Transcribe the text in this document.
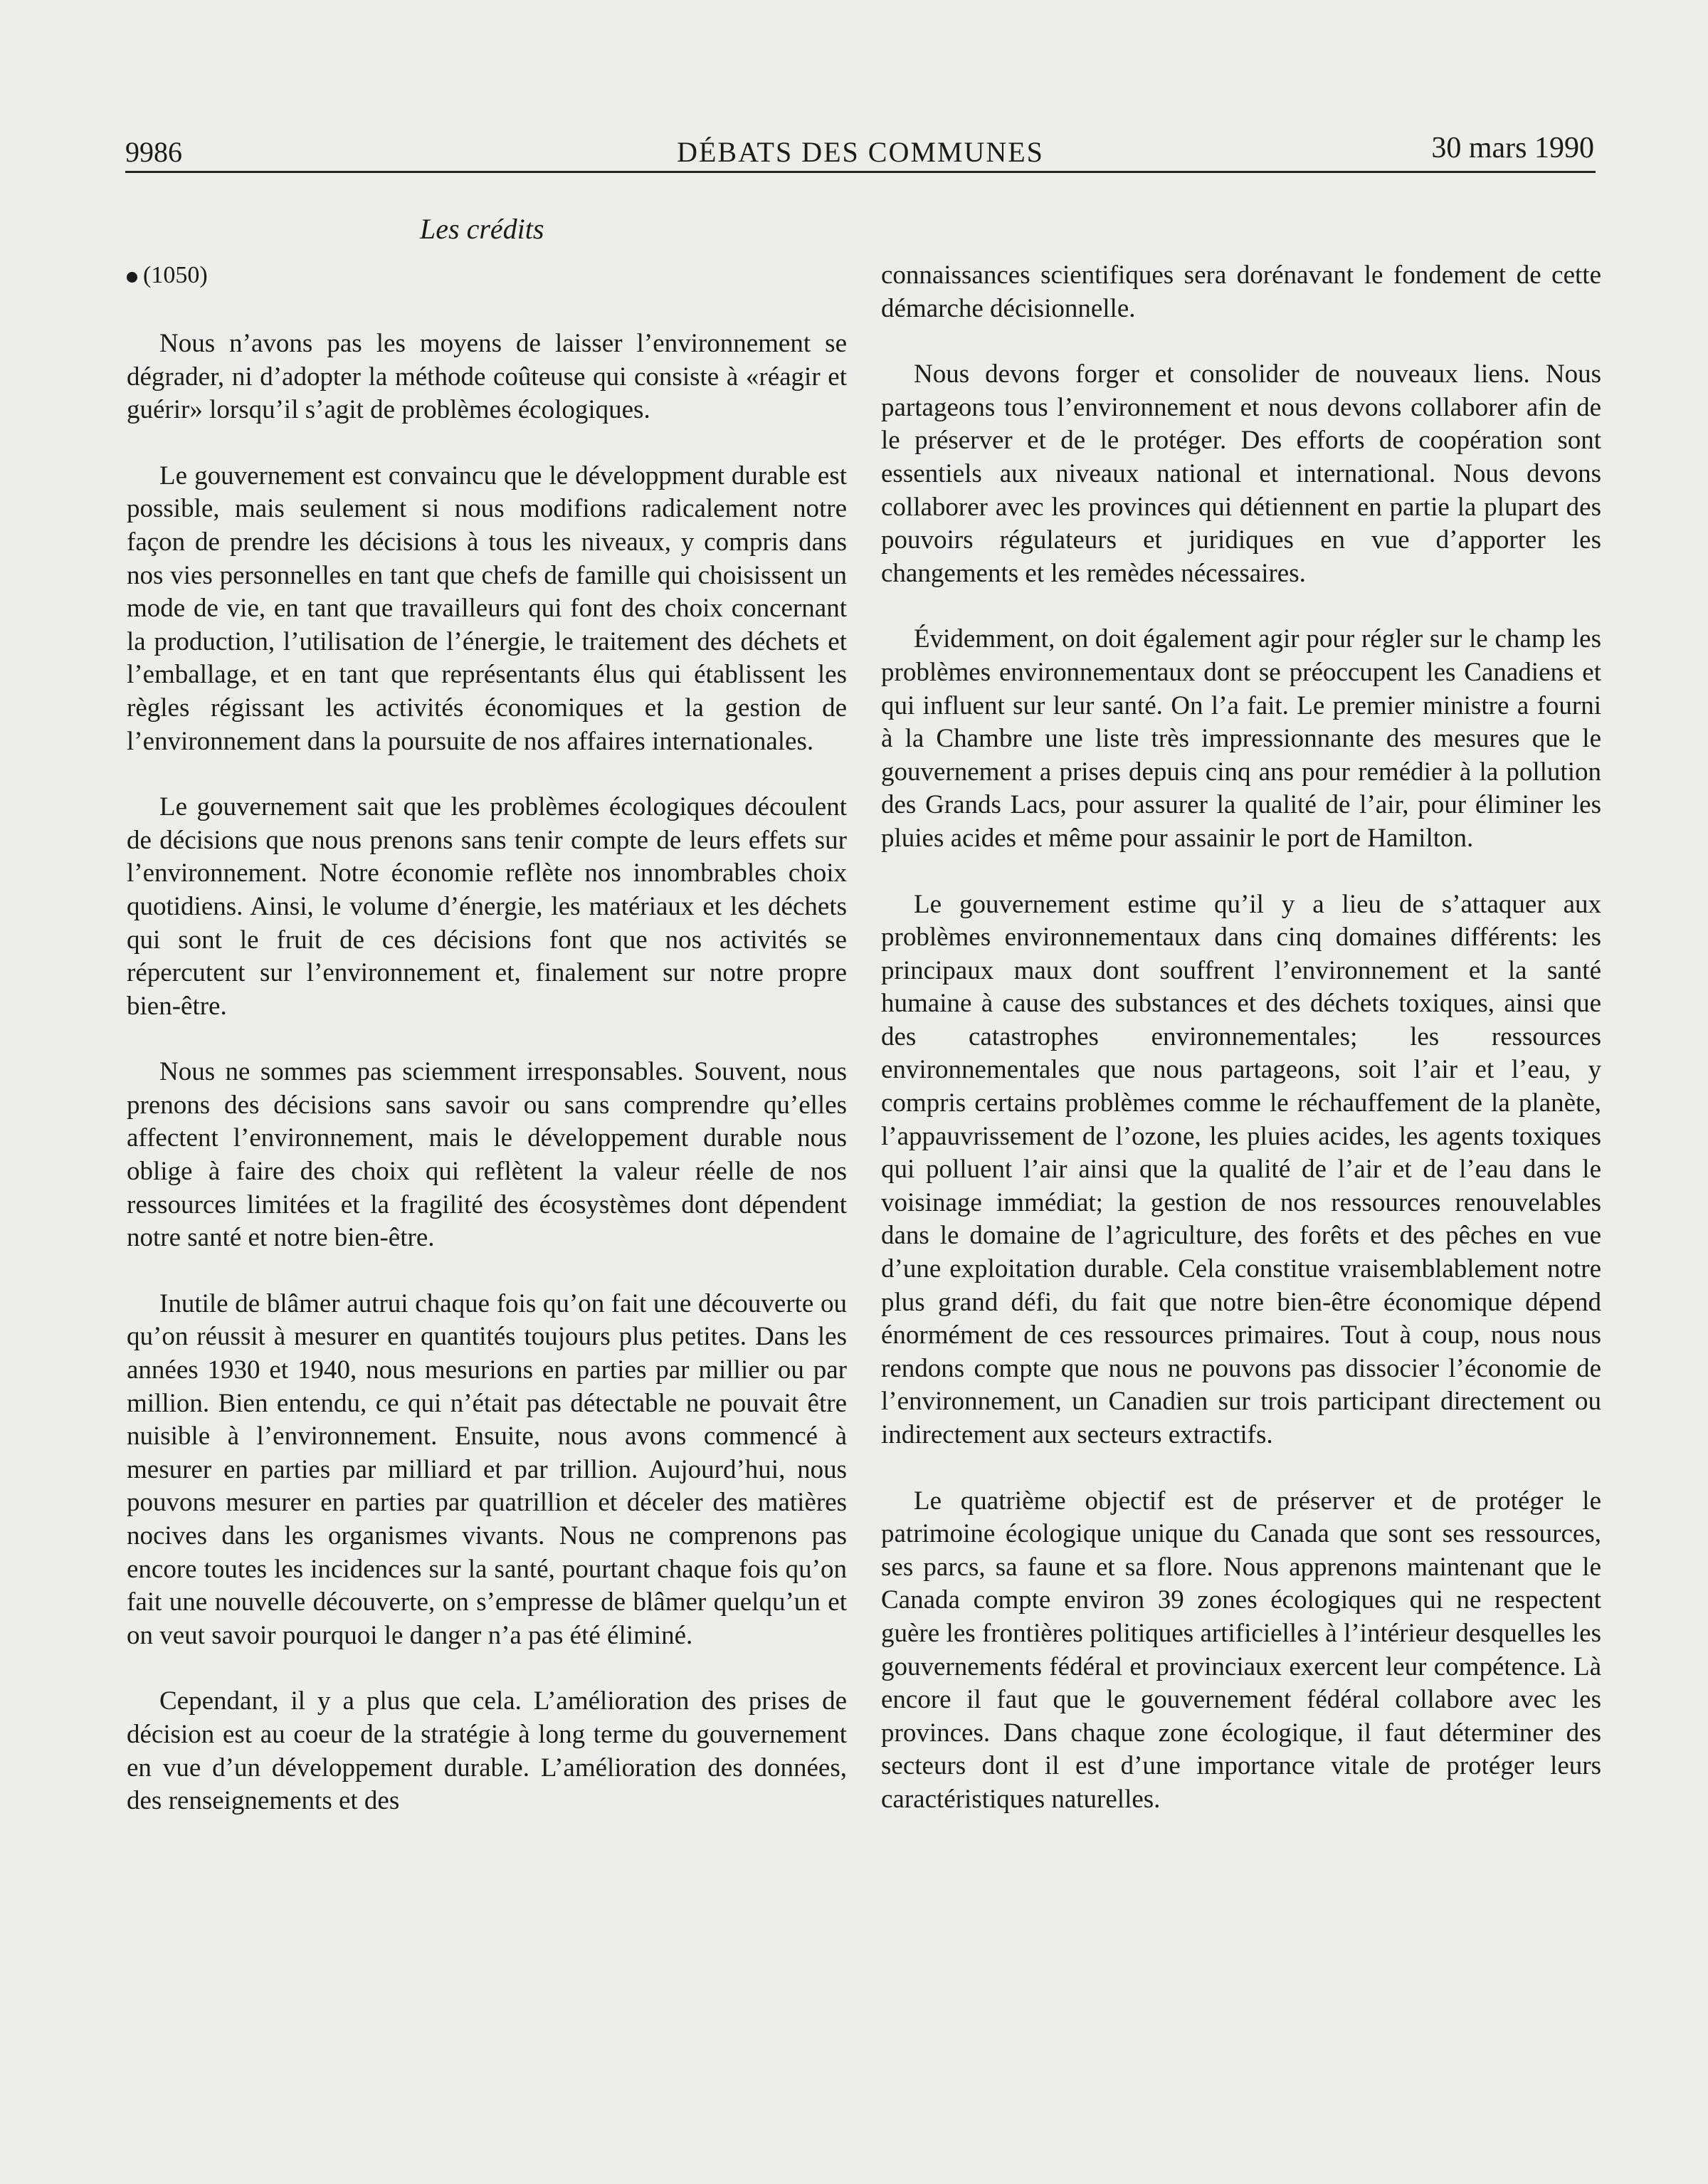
9986	DÉBATS DES COMMUNES	30 mars 1990
Les crédits
(1050)

Nous n’avons pas les moyens de laisser l’environnement se dégrader, ni d’adopter la méthode coûteuse qui consiste à «réagir et guérir» lorsqu’il s’agit de problèmes écologiques.

Le gouvernement est convaincu que le développment durable est possible, mais seulement si nous modifions radicalement notre façon de prendre les décisions à tous les niveaux, y compris dans nos vies personnelles en tant que chefs de famille qui choisissent un mode de vie, en tant que travailleurs qui font des choix concernant la production, l’utilisation de l’énergie, le traitement des déchets et l’emballage, et en tant que représentants élus qui établissent les règles régissant les activités économiques et la gestion de l’environnement dans la poursuite de nos affaires internationales.

Le gouvernement sait que les problèmes écologiques découlent de décisions que nous prenons sans tenir compte de leurs effets sur l’environnement. Notre économie reflète nos innombrables choix quotidiens. Ainsi, le volume d’énergie, les matériaux et les déchets qui sont le fruit de ces décisions font que nos activités se répercutent sur l’environnement et, finalement sur notre propre bien-être.

Nous ne sommes pas sciemment irresponsables. Souvent, nous prenons des décisions sans savoir ou sans comprendre qu’elles affectent l’environnement, mais le développement durable nous oblige à faire des choix qui reflètent la valeur réelle de nos ressources limitées et la fragilité des écosystèmes dont dépendent notre santé et notre bien-être.

Inutile de blâmer autrui chaque fois qu’on fait une découverte ou qu’on réussit à mesurer en quantités toujours plus petites. Dans les années 1930 et 1940, nous mesurions en parties par millier ou par million. Bien entendu, ce qui n’était pas détectable ne pouvait être nuisible à l’environnement. Ensuite, nous avons commencé à mesurer en parties par milliard et par trillion. Aujourd’hui, nous pouvons mesurer en parties par quatrillion et déceler des matières nocives dans les organismes vivants. Nous ne comprenons pas encore toutes les incidences sur la santé, pourtant chaque fois qu’on fait une nouvelle découverte, on s’empresse de blâmer quelqu’un et on veut savoir pourquoi le danger n’a pas été éliminé.

Cependant, il y a plus que cela. L’amélioration des prises de décision est au coeur de la stratégie à long terme du gouvernement en vue d’un développement durable. L’amélioration des données, des renseignements et des

connaissances scientifiques sera dorénavant le fondement de cette démarche décisionnelle.

Nous devons forger et consolider de nouveaux liens. Nous partageons tous l’environnement et nous devons collaborer afin de le préserver et de le protéger. Des efforts de coopération sont essentiels aux niveaux national et international. Nous devons collaborer avec les provinces qui détiennent en partie la plupart des pouvoirs régulateurs et juridiques en vue d’apporter les changements et les remèdes nécessaires.

Évidemment, on doit également agir pour régler sur le champ les problèmes environnementaux dont se préoccupent les Canadiens et qui influent sur leur santé. On l’a fait. Le premier ministre a fourni à la Chambre une liste très impressionnante des mesures que le gouvernement a prises depuis cinq ans pour remédier à la pollution des Grands Lacs, pour assurer la qualité de l’air, pour éliminer les pluies acides et même pour assainir le port de Hamilton.

Le gouvernement estime qu’il y a lieu de s’attaquer aux problèmes environnementaux dans cinq domaines différents: les principaux maux dont souffrent l’environnement et la santé humaine à cause des substances et des déchets toxiques, ainsi que des catastrophes environnementales; les ressources environnementales que nous partageons, soit l’air et l’eau, y compris certains problèmes comme le réchauffement de la planète, l’appauvrissement de l’ozone, les pluies acides, les agents toxiques qui polluent l’air ainsi que la qualité de l’air et de l’eau dans le voisinage immédiat; la gestion de nos ressources renouvelables dans le domaine de l’agriculture, des forêts et des pêches en vue d’une exploitation durable. Cela constitue vraisemblablement notre plus grand défi, du fait que notre bien-être économique dépend énormément de ces ressources primaires. Tout à coup, nous nous rendons compte que nous ne pouvons pas dissocier l’économie de l’environnement, un Canadien sur trois participant directement ou indirectement aux secteurs extractifs.

Le quatrième objectif est de préserver et de protéger le patrimoine écologique unique du Canada que sont ses ressources, ses parcs, sa faune et sa flore. Nous apprenons maintenant que le Canada compte environ 39 zones écologiques qui ne respectent guère les frontières politiques artificielles à l’intérieur desquelles les gouvernements fédéral et provinciaux exercent leur compétence. Là encore il faut que le gouvernement fédéral collabore avec les provinces. Dans chaque zone écologique, il faut déterminer des secteurs dont il est d’une importance vitale de protéger leurs caractéristiques naturelles.
